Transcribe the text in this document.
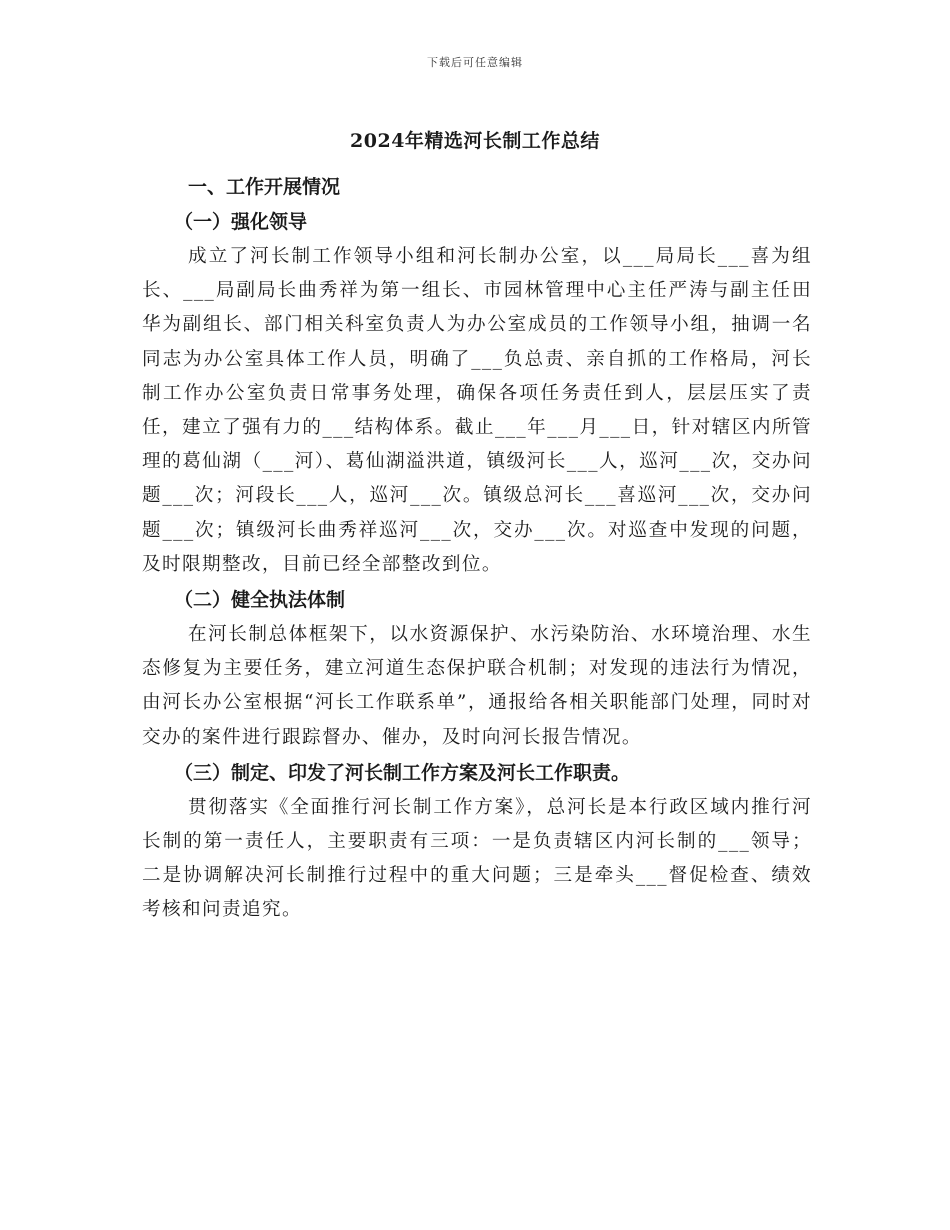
下载后可任意编辑
2024年精选河长制工作总结

一、工作开展情况

（一）强化领导

成立了河长制工作领导小组和河长制办公室，以___局局长___喜为组长、___局副局长曲秀祥为第一组长、市园林管理中心主任严涛与副主任田华为副组长、部门相关科室负责人为办公室成员的工作领导小组，抽调一名同志为办公室具体工作人员，明确了___负总责、亲自抓的工作格局，河长制工作办公室负责日常事务处理，确保各项任务责任到人，层层压实了责任，建立了强有力的___结构体系。截止___年___月___日，针对辖区内所管理的葛仙湖（___河）、葛仙湖溢洪道，镇级河长___人，巡河___次，交办问题___次；河段长___人，巡河___次。镇级总河长___喜巡河___次，交办问题___次；镇级河长曲秀祥巡河___次，交办___次。对巡查中发现的问题，及时限期整改，目前已经全部整改到位。

（二）健全执法体制

在河长制总体框架下，以水资源保护、水污染防治、水环境治理、水生态修复为主要任务，建立河道生态保护联合机制；对发现的违法行为情况，由河长办公室根据“河长工作联系单”，通报给各相关职能部门处理，同时对交办的案件进行跟踪督办、催办，及时向河长报告情况。

（三）制定、印发了河长制工作方案及河长工作职责。

贯彻落实《全面推行河长制工作方案》，总河长是本行政区域内推行河长制的第一责任人，主要职责有三项：一是负责辖区内河长制的___领导；二是协调解决河长制推行过程中的重大问题；三是牵头___督促检查、绩效考核和问责追究。
